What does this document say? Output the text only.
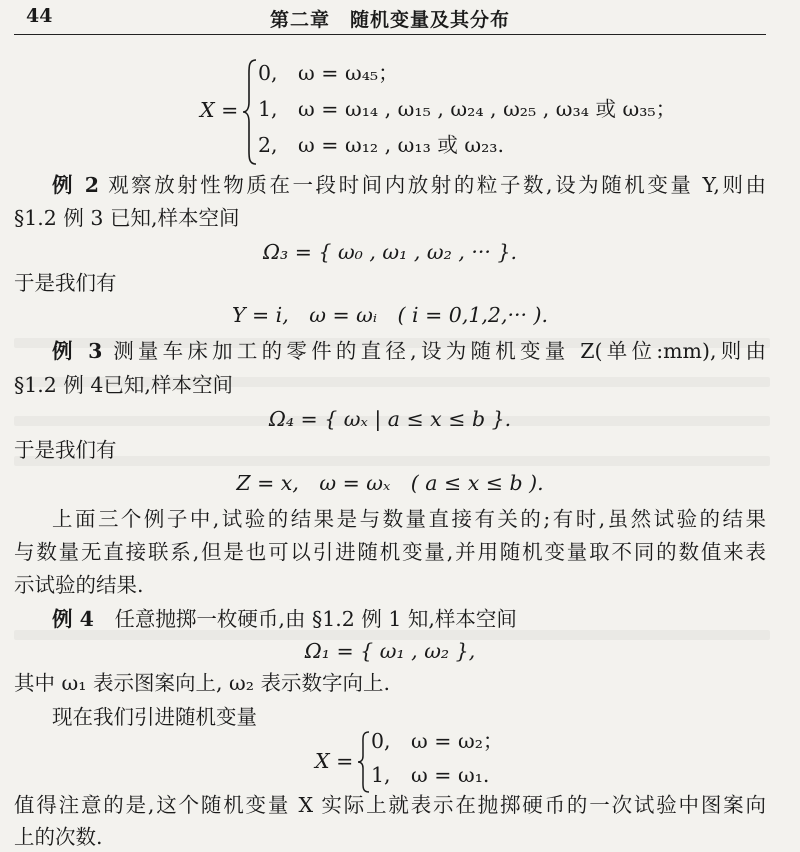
44	第二章　随机变量及其分布
X =
0,　ω = ω₄₅；
1,　ω = ω₁₄ , ω₁₅ , ω₂₄ , ω₂₅ , ω₃₄ 或 ω₃₅；
2,　ω = ω₁₂ , ω₁₃ 或 ω₂₃.
例 2 观察放射性物质在一段时间内放射的粒子数,设为随机变量 Y,则由
§1.2 例 3 已知,样本空间
Ω₃ = { ω₀ , ω₁ , ω₂ , ··· }.
于是我们有
Y = i,　ω = ωᵢ　( i = 0,1,2,··· ).
例 3 测量车床加工的零件的直径,设为随机变量 Z(单位:mm),则由
§1.2 例 4已知,样本空间
Ω₄ = { ωₓ | a ≤ x ≤ b }.
于是我们有
Z = x,　ω = ωₓ　( a ≤ x ≤ b ).
上面三个例子中,试验的结果是与数量直接有关的;有时,虽然试验的结果
与数量无直接联系,但是也可以引进随机变量,并用随机变量取不同的数值来表
示试验的结果.
例 4 任意抛掷一枚硬币,由 §1.2 例 1 知,样本空间
Ω₁ = { ω₁ , ω₂ },
其中 ω₁ 表示图案向上, ω₂ 表示数字向上.
现在我们引进随机变量
X =
0,　ω = ω₂；
1,　ω = ω₁.
值得注意的是,这个随机变量 X 实际上就表示在抛掷硬币的一次试验中图案向
上的次数.
